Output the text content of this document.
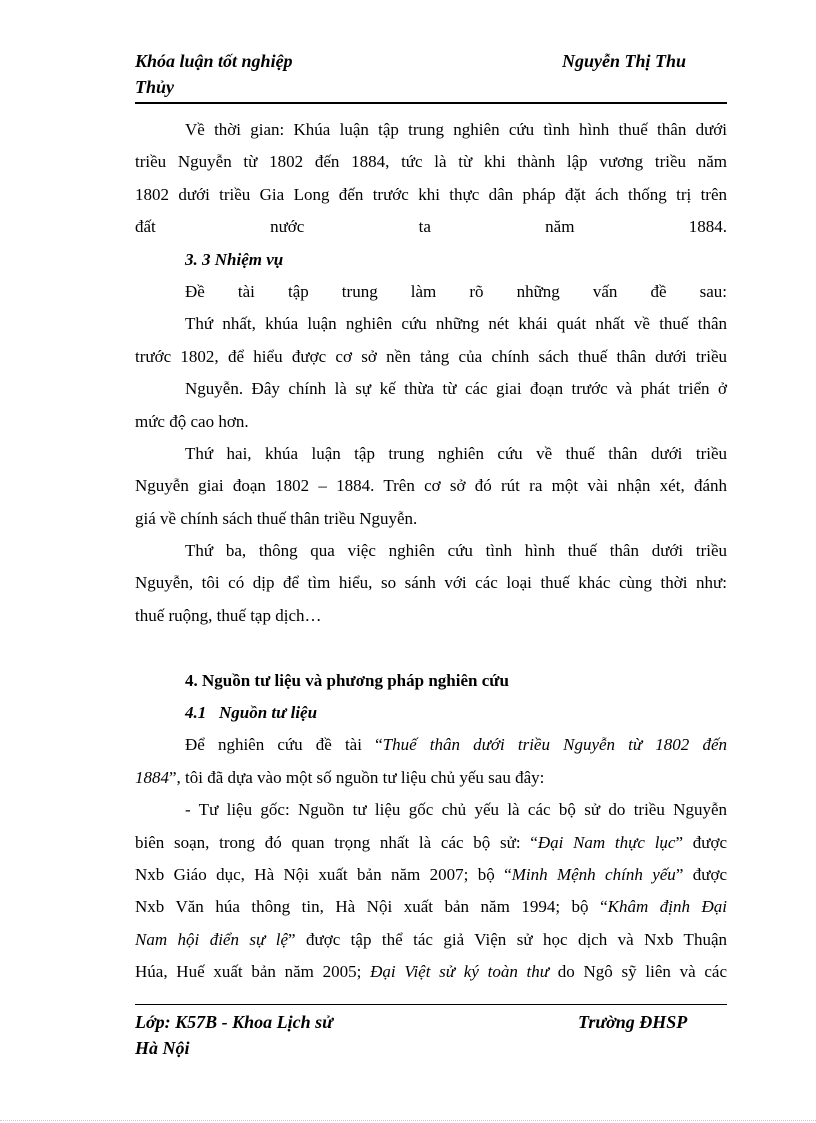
Khóa luận tốt nghiệp	Nguyễn Thị Thu
Thủy
Về thời gian: Khúa luận tập trung nghiên cứu tình hình thuế thân dưới
triều Nguyễn từ 1802 đến 1884, tức là từ khi thành lập vương triều năm
1802 dưới triều Gia Long đến trước khi thực dân pháp đặt ách thống trị trên
đất nước ta năm 1884.
3. 3 Nhiệm vụ
Đề tài tập trung làm rõ những vấn đề sau:
Thứ nhất, khúa luận nghiên cứu những nét khái quát nhất về thuế thân
trước 1802, để hiểu được cơ sở nền tảng của chính sách thuế thân dưới triều
Nguyễn. Đây chính là sự kế thừa từ các giai đoạn trước và phát triển ở
mức độ cao hơn.
Thứ hai, khúa luận tập trung nghiên cứu về thuế thân dưới triều
Nguyễn giai đoạn 1802 – 1884. Trên cơ sở đó rút ra một vài nhận xét, đánh
giá về chính sách thuế thân triều Nguyễn.
Thứ ba, thông qua việc nghiên cứu tình hình thuế thân dưới triều
Nguyễn, tôi có dịp để tìm hiểu, so sánh với các loại thuế khác cùng thời như:
thuế ruộng, thuế tạp dịch…
4. Nguồn tư liệu và phương pháp nghiên cứu
4.1   Nguồn tư liệu
Để nghiên cứu đề tài “Thuế thân dưới triều Nguyễn từ 1802 đến
1884”, tôi đã dựa vào một số nguồn tư liệu chủ yếu sau đây:
- Tư liệu gốc: Nguồn tư liệu gốc chủ yếu là các bộ sử do triều Nguyễn
biên soạn, trong đó quan trọng nhất là các bộ sử: “Đại Nam thực lục” được
Nxb Giáo dục, Hà Nội xuất bản năm 2007; bộ “Minh Mệnh chính yếu” được
Nxb Văn húa thông tin, Hà Nội xuất bản năm 1994; bộ “Khâm định Đại
Nam hội điển sự lệ” được tập thể tác giả Viện sử học dịch và Nxb Thuận
Húa, Huế xuất bản năm 2005; Đại Việt sử ký toàn thư do Ngô sỹ liên và các
Lớp: K57B - Khoa Lịch sử	Trường ĐHSP
Hà Nội
